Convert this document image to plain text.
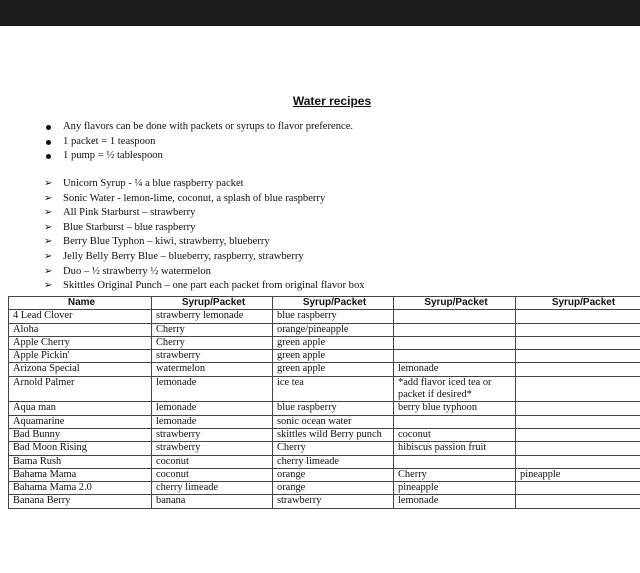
Water recipes
Any flavors can be done with packets or syrups to flavor preference.
1 packet = 1 teaspoon
1 pump = ½ tablespoon
➢ Unicorn Syrup - ¼ a blue raspberry packet
➢ Sonic Water - lemon-lime, coconut, a splash of blue raspberry
➢ All Pink Starburst – strawberry
➢ Blue Starburst – blue raspberry
➢ Berry Blue Typhon – kiwi, strawberry, blueberry
➢ Jelly Belly Berry Blue – blueberry, raspberry, strawberry
➢ Duo – ½ strawberry ½ watermelon
➢ Skittles Original Punch – one part each packet from original flavor box
Name	Syrup/Packet	Syrup/Packet	Syrup/Packet	Syrup/Packet
4 Lead Clover	strawberry lemonade	blue raspberry		
Aloha	Cherry	orange/pineapple		
Apple Cherry	Cherry	green apple		
Apple Pickin'	strawberry	green apple		
Arizona Special	watermelon	green apple	lemonade	
Arnold Palmer	lemonade	ice tea	*add flavor iced tea or packet if desired*	
Aqua man	lemonade	blue raspberry	berry blue typhoon	
Aquamarine	lemonade	sonic ocean water		
Bad Bunny	strawberry	skittles wild Berry punch	coconut	
Bad Moon Rising	strawberry	Cherry	hibiscus passion fruit	
Bama Rush	coconut	cherry limeade		
Bahama Mama	coconut	orange	Cherry	pineapple
Bahama Mama 2.0	cherry limeade	orange	pineapple	
Banana Berry	banana	strawberry	lemonade	
